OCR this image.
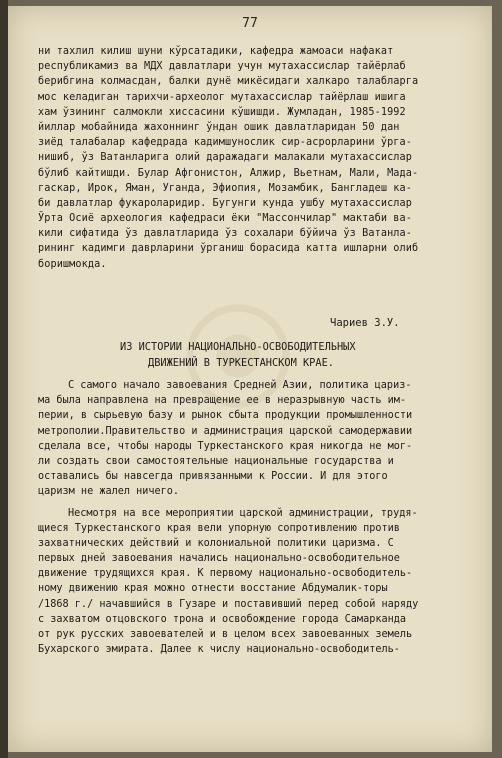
77
ни тахлил килиш шуни кўрсатадики, кафедра жамоаси нафакат
республикамиз ва МДХ давлатлари учун мутахассислар тайёрлаб
берибгина колмасдан, балки дунё микёсидаги халкаро талабларга
мос келадиган тарихчи-археолог мутахассислар тайёрлаш ишига
хам ўзининг салмокли хиссасини кўшишди. Жумладан, 1985-1992
йиллар мобайнида жахоннинг ўндан ошик давлатларидан 50 дан
зиёд талабалар кафедрада кадимшунослик сир-асрорларини ўрга-
нишиб, ўз Ватанларига олий даражадаги малакали мутахассислар
бўлиб кайтишди. Булар Афгонистон, Алжир, Вьетнам, Мали, Мада-
гаскар, Ирок, Яман, Уганда, Эфиопия, Мозамбик, Бангладеш ка-
би давлатлар фукароларидир. Бугунги кунда ушбу мутахассислар
Ўрта Осиё археология кафедраси ёки "Массончилар" мактаби ва-
кили сифатида ўз давлатларида ўз сохалари бўйича ўз Ватанла-
рининг кадимги даврларини ўрганиш борасида катта ишларни олиб
боришмокда.
Чариев З.У.
ИЗ ИСТОРИИ НАЦИОНАЛЬНО-ОСВОБОДИТЕЛЬНЫХ
ДВИЖЕНИЙ В ТУРКЕСТАНСКОМ КРАЕ.
С самого начало завоевания Средней Азии, политика цариз-
ма была направлена на превращение ее в неразрывную часть им-
перии, в сырьевую базу и рынок сбыта продукции промышленности
метрополии.Правительство и администрация царской самодержавии
сделала все, чтобы народы Туркестанского края никогда не мог-
ли создать свои самостоятельные национальные государства и
оставались бы навсегда привязанными к России. И для этого
царизм не жалел ничего.
Несмотря на все мероприятии царской администрации, трудя-
щиеся Туркестанского края вели упорную сопротивлению против
захватнических действий и колониальной политики царизма. С
первых дней завоевания начались национально-освободительное
движение трудящихся края. К первому национально-освободитель-
ному движению края можно отнести восстание Абдумалик-торы
/1868 г./ начавшийся в Гузаре и поставивший перед собой наряду
с захватом отцовского трона и освобождение города Самарканда
от рук русских завоевателей и в целом всех завоеванных земель
Бухарского эмирата. Далее к числу национально-освободитель-
